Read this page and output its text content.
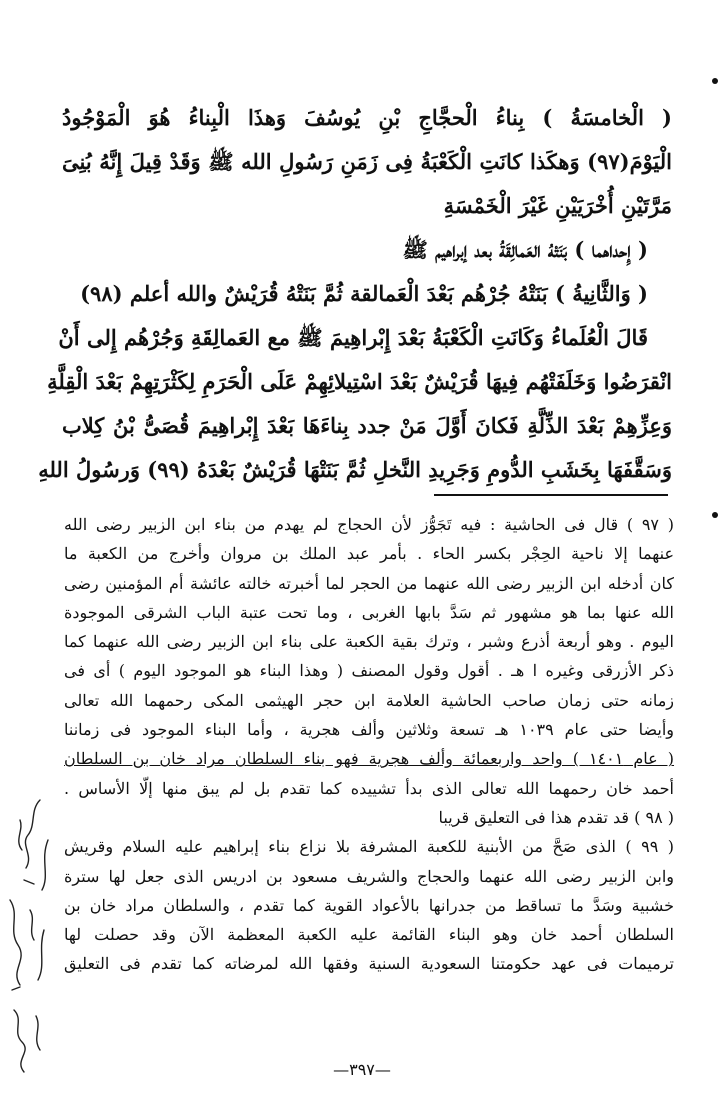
( الْخامسَةُ ) بِناءُ الْحجَّاجِ بْنِ يُوسُفَ وَهذَا الْبِناءُ هُوَ الْمَوْجُودُ
الْيَوْمَ(٩٧) وَهكَذا كانَتِ الْكَعْبَةُ فِى زَمَنِ رَسُولِ الله ﷺ وَقَدْ قِيلَ إِنَّهُ بُنِىَ
مَرَّتَيْنِ أُخْرَيَيْنِ غَيْرَ الْخَمْسَةِ
( إِحداهما ) بَنَتْهُ العَمالِقَةُ بعد إبراهيم ﷺ
( وَالثَّانِيةُ ) بَنَتْهُ جُرْهُم بَعْدَ الْعَمالقة ثُمَّ بَنَتْهُ قُرَيْشٌ والله أعلم (٩٨)
قَالَ الْعُلَماءُ وَكَانَتِ الْكَعْبَةُ بَعْدَ إِبْراهِيمَ ﷺ مع العَمالِقَةِ وَجُرْهُم إِلى أَنْ
انْقرَضُوا وَخَلَفَتْهُم فِيهَا قُرَيْشٌ بَعْدَ اسْتِيلائِهِمْ عَلَى الْحَرَمِ لِكَثْرَتِهِمْ بَعْدَ الْقِلَّةِ
وَعِزِّهِمْ بَعْدَ الذِّلَّةِ فَكانَ أَوَّلَ مَنْ جدد بِناءَهَا بَعْدَ إِبْراهِيمَ قُصَىُّ بْنُ كِلاب
وَسَقَّفَهَا بِخَشَبِ الدُّومِ وَجَرِيدِ النَّخلِ ثُمَّ بَنَتْهَا قُرَيْشٌ بَعْدَهُ (٩٩) وَرسُولُ اللهِ
( ٩٧ ) قال فى الحاشية : فيه تَجَوُّز لأن الحجاج لم يهدم من بناء ابن الزبير رضى الله
عنهما إلا ناحية الحِجْر بكسر الحاء . بأمر عبد الملك بن مروان وأخرج من الكعبة ما
كان أدخله ابن الزبير رضى الله عنهما من الحجر لما أخبرته خالته عائشة أم المؤمنين رضى
الله عنها بما هو مشهور ثم سَدَّ بابها الغربى ، وما تحت عتبة الباب الشرقى الموجودة
اليوم . وهو أربعة أذرع وشبر ، وترك بقية الكعبة على بناء ابن الزبير رضى الله عنهما كما
ذكر الأزرقى وغيره ا هـ . أقول وقول المصنف ( وهذا البناء هو الموجود اليوم ) أى فى
زمانه حتى زمان صاحب الحاشية العلامة ابن حجر الهيثمى المكى رحمهما الله تعالى
وأيضا حتى عام ١٠٣٩ هـ تسعة وثلاثين وألف هجرية ، وأما البناء الموجود فى زماننا
( عام ١٤٠١ ) واحد واربعمائة وألف هجرية فهو بناء السلطان مراد خان بن السلطان
أحمد خان رحمهما الله تعالى الذى بدأ تشييده كما تقدم بل لم يبق منها إلّا الأساس .
( ٩٨ ) قد تقدم هذا فى التعليق قريبا
( ٩٩ ) الذى صَحَّ من الأبنية للكعبة المشرفة بلا نزاع بناء إبراهيم عليه السلام وقريش
وابن الزبير رضى الله عنهما والحجاج والشريف مسعود بن ادريس الذى جعل لها سترة
خشبية وسَدَّ ما تساقط من جدرانها بالأعواد القوية كما تقدم ، والسلطان مراد خان بن
السلطان أحمد خان وهو البناء القائمة عليه الكعبة المعظمة الآن وقد حصلت لها
ترميمات فى عهد حكومتنا السعودية السنية وفقها الله لمرضاته كما تقدم فى التعليق
—٣٩٧—
